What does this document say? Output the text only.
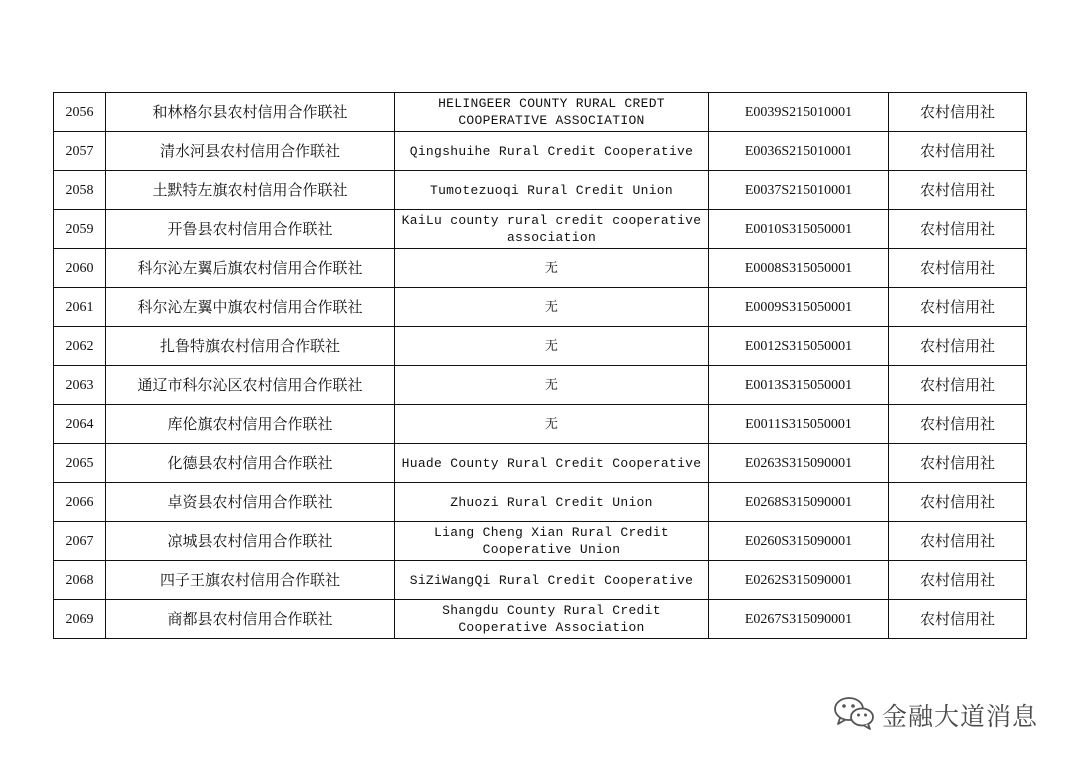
2056	和林格尔县农村信用合作联社	HELINGEER COUNTY RURAL CREDT COOPERATIVE ASSOCIATION	E0039S215010001	农村信用社
2057	清水河县农村信用合作联社	Qingshuihe Rural Credit Cooperative	E0036S215010001	农村信用社
2058	土默特左旗农村信用合作联社	Tumotezuoqi Rural Credit Union	E0037S215010001	农村信用社
2059	开鲁县农村信用合作联社	KaiLu county rural credit cooperative association	E0010S315050001	农村信用社
2060	科尔沁左翼后旗农村信用合作联社	无	E0008S315050001	农村信用社
2061	科尔沁左翼中旗农村信用合作联社	无	E0009S315050001	农村信用社
2062	扎鲁特旗农村信用合作联社	无	E0012S315050001	农村信用社
2063	通辽市科尔沁区农村信用合作联社	无	E0013S315050001	农村信用社
2064	库伦旗农村信用合作联社	无	E0011S315050001	农村信用社
2065	化德县农村信用合作联社	Huade County Rural Credit Cooperative	E0263S315090001	农村信用社
2066	卓资县农村信用合作联社	Zhuozi Rural Credit Union	E0268S315090001	农村信用社
2067	凉城县农村信用合作联社	Liang Cheng Xian Rural Credit Cooperative Union	E0260S315090001	农村信用社
2068	四子王旗农村信用合作联社	SiZiWangQi Rural Credit Cooperative	E0262S315090001	农村信用社
2069	商都县农村信用合作联社	Shangdu County Rural Credit Cooperative Association	E0267S315090001	农村信用社
金融大道消息
